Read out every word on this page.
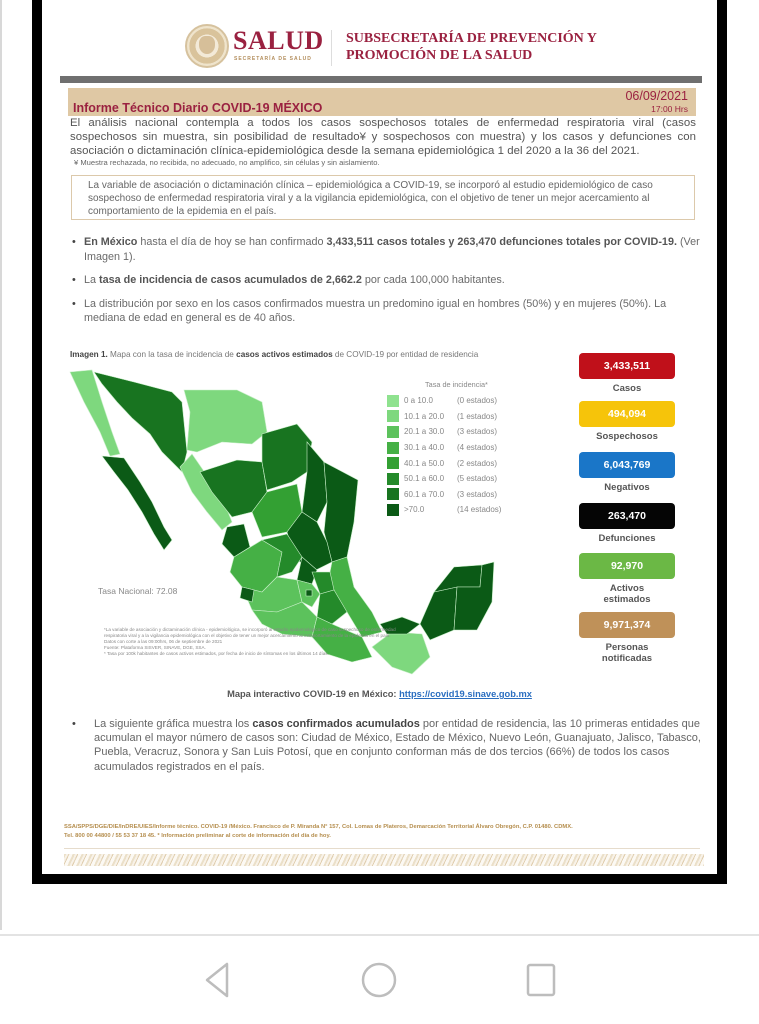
SALUD
SECRETARÍA DE SALUD
SUBSECRETARÍA DE PREVENCIÓN Y
PROMOCIÓN DE LA SALUD
Informe Técnico Diario COVID-19 MÉXICO
06/09/2021
17:00 Hrs
El análisis nacional contempla a todos los casos sospechosos totales de enfermedad respiratoria viral (casos sospechosos sin muestra, sin posibilidad de resultado¥ y sospechosos con muestra) y los casos y defunciones con asociación o dictaminación clínica-epidemiológica desde la semana epidemiológica 1 del 2020 a la 36 del 2021.
¥ Muestra rechazada, no recibida, no adecuado, no amplifico, sin células y sin aislamiento.
La variable de asociación o dictaminación clínica – epidemiológica a COVID-19, se incorporó al estudio epidemiológico de caso sospechoso de enfermedad respiratoria viral y a la vigilancia epidemiológica, con el objetivo de tener un mejor acercamiento al comportamiento de la epidemia en el país.
• En México hasta el día de hoy se han confirmado 3,433,511 casos totales y 263,470 defunciones totales por COVID-19. (Ver Imagen 1).
• La tasa de incidencia de casos acumulados de 2,662.2 por cada 100,000 habitantes.
• La distribución por sexo en los casos confirmados muestra un predomino igual en hombres (50%) y en mujeres (50%). La mediana de edad en general es de 40 años.
Imagen 1. Mapa con la tasa de incidencia de casos activos estimados de COVID-19 por entidad de residencia
Tasa de incidencia*
0 a 10.0	(0 estados)
10.1 a 20.0	(1 estados)
20.1 a 30.0	(3 estados)
30.1 a 40.0	(4 estados)
40.1 a 50.0	(2 estados)
50.1 a 60.0	(5 estados)
60.1 a 70.0	(3 estados)
>70.0	(14 estados)
Tasa Nacional: 72.08
*La variable de asociación y dictaminación clínica - epidemiológica, se incorporó al estudio epidemiológico de caso sospechoso de enfermedad respiratoria viral y a la vigilancia epidemiológica con el objetivo de tener un mejor acercamiento al comportamiento de la epidemia en el país.
Datos con corte a las 09:00hrs, 06 de septiembre de 2021
Fuente: Plataforma SISVER, SINAVE, DGE, SSA.
* Tasa por 100k habitantes de casos activos estimados, por fecha de inicio de síntomas en los últimos 14 días.
3,433,511
Casos
494,094
Sospechosos
6,043,769
Negativos
263,470
Defunciones
92,970
Activos estimados
9,971,374
Personas notificadas
Mapa interactivo COVID-19 en México: https://covid19.sinave.gob.mx
• La siguiente gráfica muestra los casos confirmados acumulados por entidad de residencia, las 10 primeras entidades que acumulan el mayor número de casos son: Ciudad de México, Estado de México, Nuevo León, Guanajuato, Jalisco, Tabasco, Puebla, Veracruz, Sonora y San Luis Potosí, que en conjunto conforman más de dos tercios (66%) de todos los casos acumulados registrados en el país.
SSA/SPPS/DGE/DIE/InDRE/UIES/Informe técnico. COVID-19 /México. Francisco de P. Miranda N° 157, Col. Lomas de Plateros, Demarcación Territorial Álvaro Obregón, C.P. 01480. CDMX.
Tel. 800 00 44800 / 55 53 37 18 45. * Información preliminar al corte de información del día de hoy.
